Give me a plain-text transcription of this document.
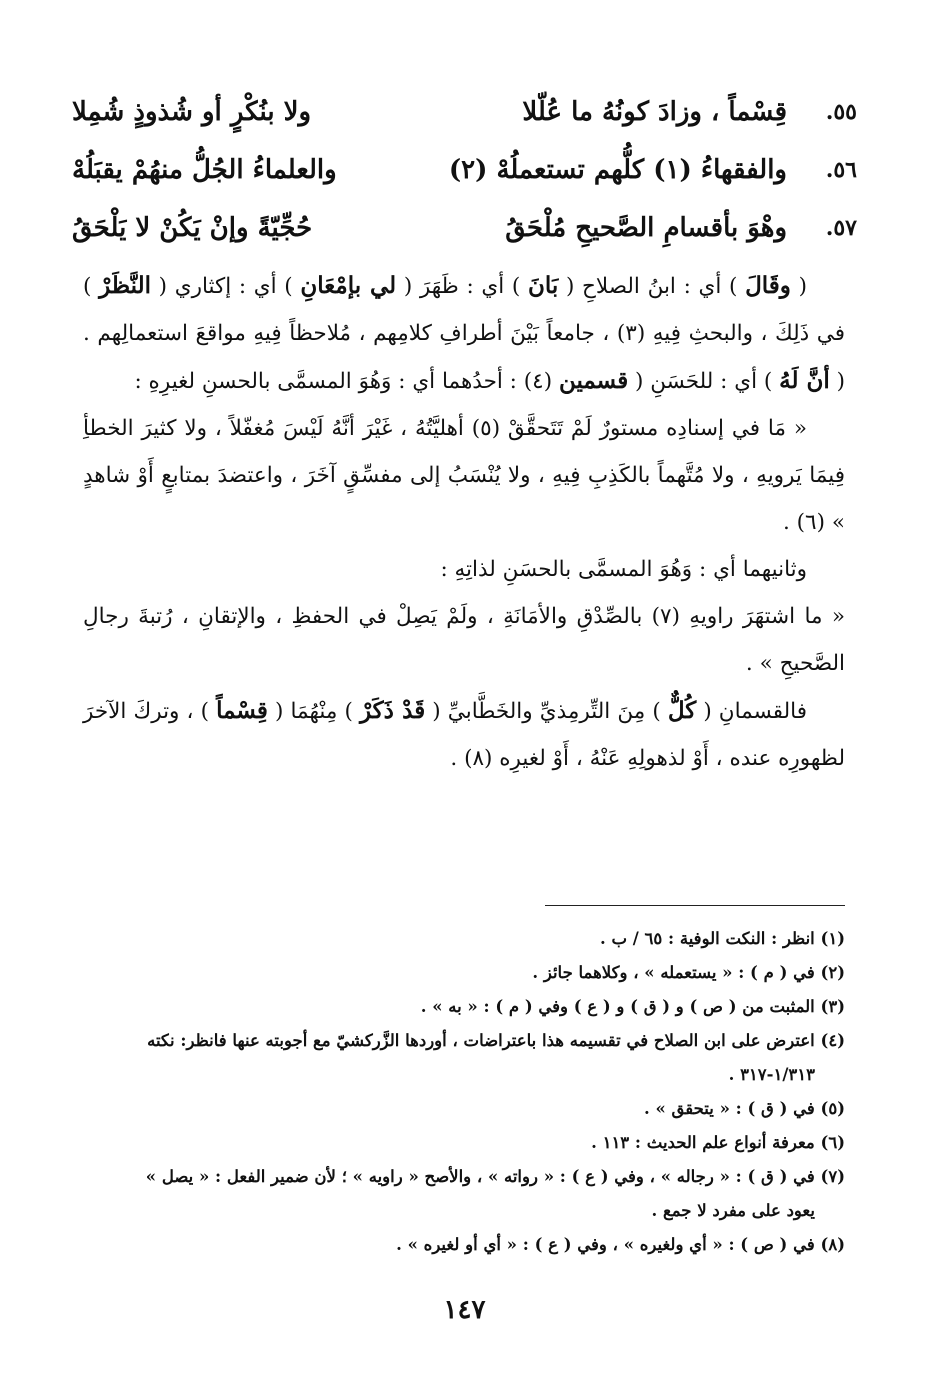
٥٥.
قِسْماً ، وزادَ كونُهُ ما عُلّلا
ولا بنُكْرٍ أو شُذوذٍ شُمِلا
٥٦.
والفقهاءُ (١) كلُّهم تستعملُهْ (٢)
والعلماءُ الجُلُّ منهُمْ يقبَلُهْ
٥٧.
وهْوَ بأقسامِ الصَّحيحِ مُلْحَقُ
حُجِّيّةً وإنْ يَكُنْ لا يَلْحَقُ

( وقَالَ ) أي : ابنُ الصلاحِ ( بَانَ ) أي : ظَهَرَ ( لي بإمْعَانِ ) أي : إكثاري ( النَّظَرْ ) في ذَلِكَ ، والبحثِ فِيهِ (٣) ، جامعاً بَيْنَ أطرافِ كلامِهم ، مُلاحظاً فِيهِ مواقعَ استعمالِهم . ( أنَّ لَهُ ) أي : للحَسَنِ ( قسمين (٤) : أحدُهما أي : وَهُوَ المسمَّى بالحسنِ لغيرِهِ :

« مَا في إسنادِه مستورٌ لَمْ تَتَحقَّقْ (٥) أهليَّتُهُ ، غَيْرَ أنَّهُ لَيْسَ مُغفّلاً ، ولا كثيرَ الخطأِ فِيمَا يَرويهِ ، ولا مُتَّهماً بالكَذِبِ فِيهِ ، ولا يُنْسَبُ إلى مفسِّقٍ آخَرَ ، واعتضدَ بمتابعٍ أَوْ شاهدٍ » (٦) .

وثانيهما أي : وَهُوَ المسمَّى بالحسَنِ لذاتِهِ :

« ما اشتهَرَ راويهِ (٧) بالصِّدْقِ والأمَانَةِ ، ولَمْ يَصِلْ في الحفظِ ، والإتقانِ ، رُتبةَ رجالِ الصَّحيحِ » .

فالقسمانِ ( كُلٌّ ) مِنَ التِّرمِذيِّ والخَطَّابيِّ ( قَدْ ذَكَرْ ) مِنْهُمَا ( قِسْماً ) ، وتركَ الآخرَ لظهورِه عنده ، أَوْ لذهولِهِ عَنْهُ ، أَوْ لغيرِه (٨) .

(١) انظر : النكت الوفية : ٦٥ / ب .
(٢) في ( م ) : « يستعمله » ، وكلاهما جائز .
(٣) المثبت من ( ص ) و ( ق ) و ( ع ) وفي ( م ) : « به » .
(٤) اعترض على ابن الصلاح في تقسيمه هذا باعتراضات ، أوردها الزَّركشيّ مع أجوبته عنها فانظر: نكته
١/٣١٣-٣١٧ .
(٥) في ( ق ) : « يتحقق » .
(٦) معرفة أنواع علم الحديث : ١١٣ .
(٧) في ( ق ) : « رجاله » ، وفي ( ع ) : « رواته » ، والأصح « راويه » ؛ لأن ضمير الفعل : « يصل »
يعود على مفرد لا جمع .
(٨) في ( ص ) : « أي ولغيره » ، وفي ( ع ) : « أي أو لغيره » .
١٤٧
